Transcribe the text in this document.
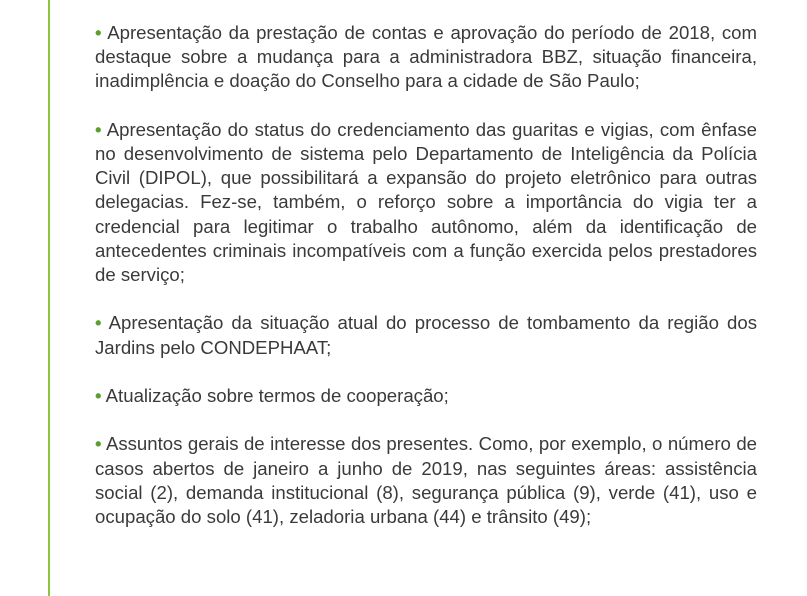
• Apresentação da prestação de contas e aprovação do período de 2018, com destaque sobre a mudança para a administradora BBZ, situação financeira, inadimplência e doação do Conselho para a cidade de São Paulo;

• Apresentação do status do credenciamento das guaritas e vigias, com ênfase no desenvolvimento de sistema pelo Departamento de Inteligência da Polícia Civil (DIPOL), que possibilitará a expansão do projeto eletrônico para outras delegacias. Fez-se, também, o reforço sobre a importância do vigia ter a credencial para legitimar o trabalho autônomo, além da identificação de antecedentes criminais incompatíveis com a função exercida pelos prestadores de serviço;

• Apresentação da situação atual do processo de tombamento da região dos Jardins pelo CONDEPHAAT;

• Atualização sobre termos de cooperação;

• Assuntos gerais de interesse dos presentes. Como, por exemplo, o número de casos abertos de janeiro a junho de 2019, nas seguintes áreas: assistência social (2), demanda institucional (8), segurança pública (9), verde (41), uso e ocupação do solo (41), zeladoria urbana (44) e trânsito (49);
